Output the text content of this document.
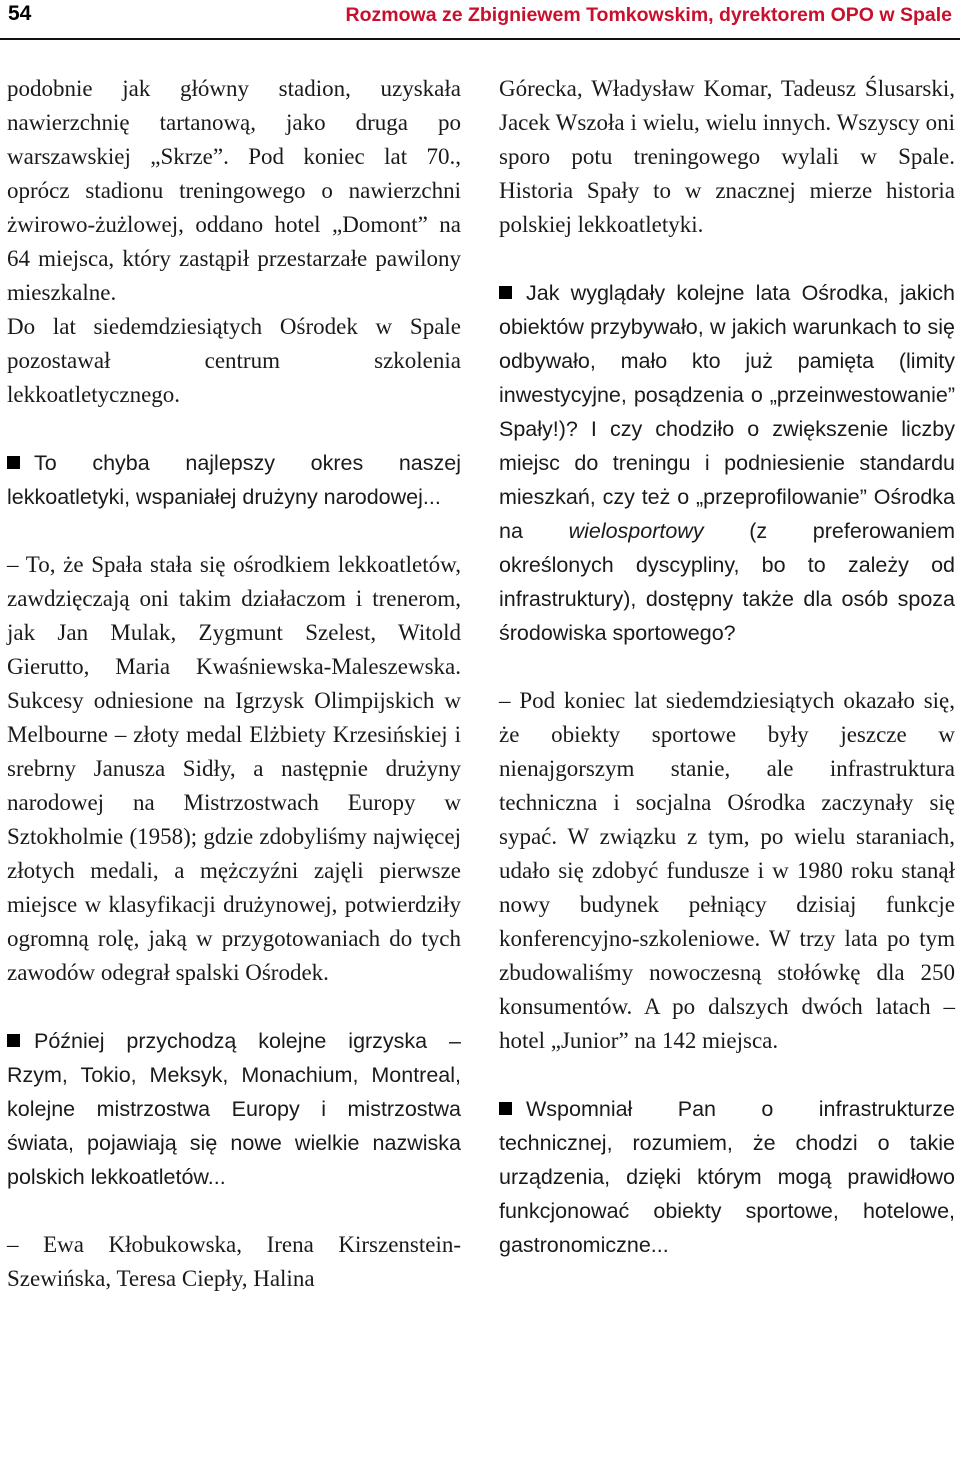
54	Rozmowa ze Zbigniewem Tomkowskim, dyrektorem OPO w Spale

podobnie jak główny stadion, uzyskała nawierzchnię tartanową, jako druga po warszawskiej „Skrze”. Pod koniec lat 70., oprócz stadionu treningowego o nawierzchni żwirowo-żużlowej, oddano hotel „Domont” na 64 miejsca, który zastąpił przestarzałe pawilony mieszkalne.

Do lat siedemdziesiątych Ośrodek w Spale pozostawał centrum szkolenia lekkoatletycznego.

To chyba najlepszy okres naszej lekkoatletyki, wspaniałej drużyny narodowej...

– To, że Spała stała się ośrodkiem lekkoatletów, zawdzięczają oni takim działaczom i trenerom, jak Jan Mulak, Zygmunt Szelest, Witold Gierutto, Maria Kwaśniewska-Maleszewska. Sukcesy odniesione na Igrzysk Olimpijskich w Melbourne – złoty medal Elżbiety Krzesińskiej i srebrny Janusza Sidły, a następnie drużyny narodowej na Mistrzostwach Europy w Sztokholmie (1958); gdzie zdobyliśmy najwięcej złotych medali, a mężczyźni zajęli pierwsze miejsce w klasyfikacji drużynowej, potwierdziły ogromną rolę, jaką w przygotowaniach do tych zawodów odegrał spalski Ośrodek.

Później przychodzą kolejne igrzyska – Rzym, Tokio, Meksyk, Monachium, Montreal, kolejne mistrzostwa Europy i mistrzostwa świata, pojawiają się nowe wielkie nazwiska polskich lekkoatletów...

– Ewa Kłobukowska, Irena Kirszenstein-Szewińska, Teresa Ciepły, Halina

Górecka, Władysław Komar, Tadeusz Ślusarski, Jacek Wszoła i wielu, wielu innych. Wszyscy oni sporo potu treningowego wylali w Spale. Historia Spały to w znacznej mierze historia polskiej lekkoatletyki.

Jak wyglądały kolejne lata Ośrodka, jakich obiektów przybywało, w jakich warunkach to się odbywało, mało kto już pamięta (limity inwestycyjne, posądzenia o „przeinwestowanie” Spały!)? I czy chodziło o zwiększenie liczby miejsc do treningu i podniesienie standardu mieszkań, czy też o „przeprofilowanie” Ośrodka na wielosportowy (z preferowaniem określonych dyscypliny, bo to zależy od infrastruktury), dostępny także dla osób spoza środowiska sportowego?

– Pod koniec lat siedemdziesiątych okazało się, że obiekty sportowe były jeszcze w nienajgorszym stanie, ale infrastruktura techniczna i socjalna Ośrodka zaczynały się sypać. W związku z tym, po wielu staraniach, udało się zdobyć fundusze i w 1980 roku stanął nowy budynek pełniący dzisiaj funkcje konferencyjno-szkoleniowe. W trzy lata po tym zbudowaliśmy nowoczesną stołówkę dla 250 konsumentów. A po dalszych dwóch latach – hotel „Junior” na 142 miejsca.

Wspomniał Pan o infrastrukturze technicznej, rozumiem, że chodzi o takie urządzenia, dzięki którym mogą prawidłowo funkcjonować obiekty sportowe, hotelowe, gastronomiczne...
